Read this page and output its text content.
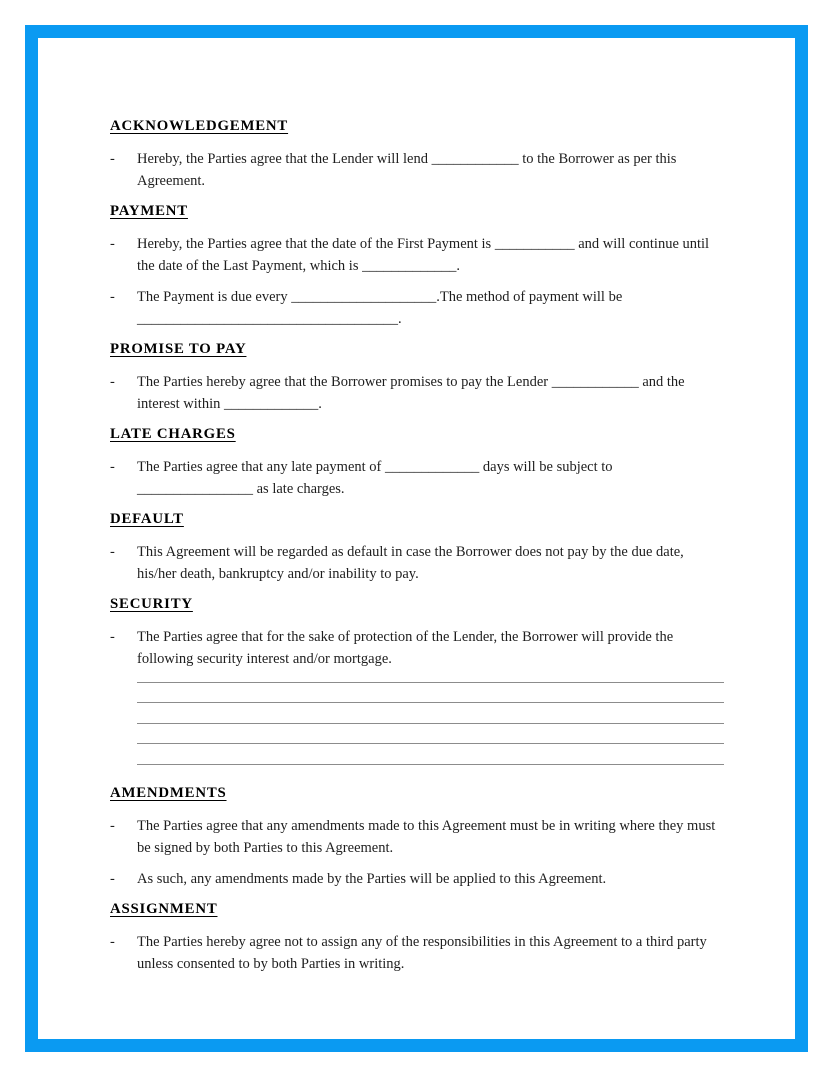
ACKNOWLEDGEMENT
-	Hereby, the Parties agree that the Lender will lend ____________ to the Borrower as per this Agreement.
PAYMENT
-	Hereby, the Parties agree that the date of the First Payment is ___________ and will continue until the date of the Last Payment, which is _____________.
-	The Payment is due every ____________________.The method of payment will be ____________________________________.
PROMISE TO PAY
-	The Parties hereby agree that the Borrower promises to pay the Lender ____________ and the interest within _____________.
LATE CHARGES
-	The Parties agree that any late payment of _____________ days will be subject to ________________ as late charges.
DEFAULT
-	This Agreement will be regarded as default in case the Borrower does not pay by the due date, his/her death, bankruptcy and/or inability to pay.
SECURITY
-	The Parties agree that for the sake of protection of the Lender, the Borrower will provide the following security interest and/or mortgage.
AMENDMENTS
-	The Parties agree that any amendments made to this Agreement must be in writing where they must be signed by both Parties to this Agreement.
-	As such, any amendments made by the Parties will be applied to this Agreement.
ASSIGNMENT
-	The Parties hereby agree not to assign any of the responsibilities in this Agreement to a third party unless consented to by both Parties in writing.
